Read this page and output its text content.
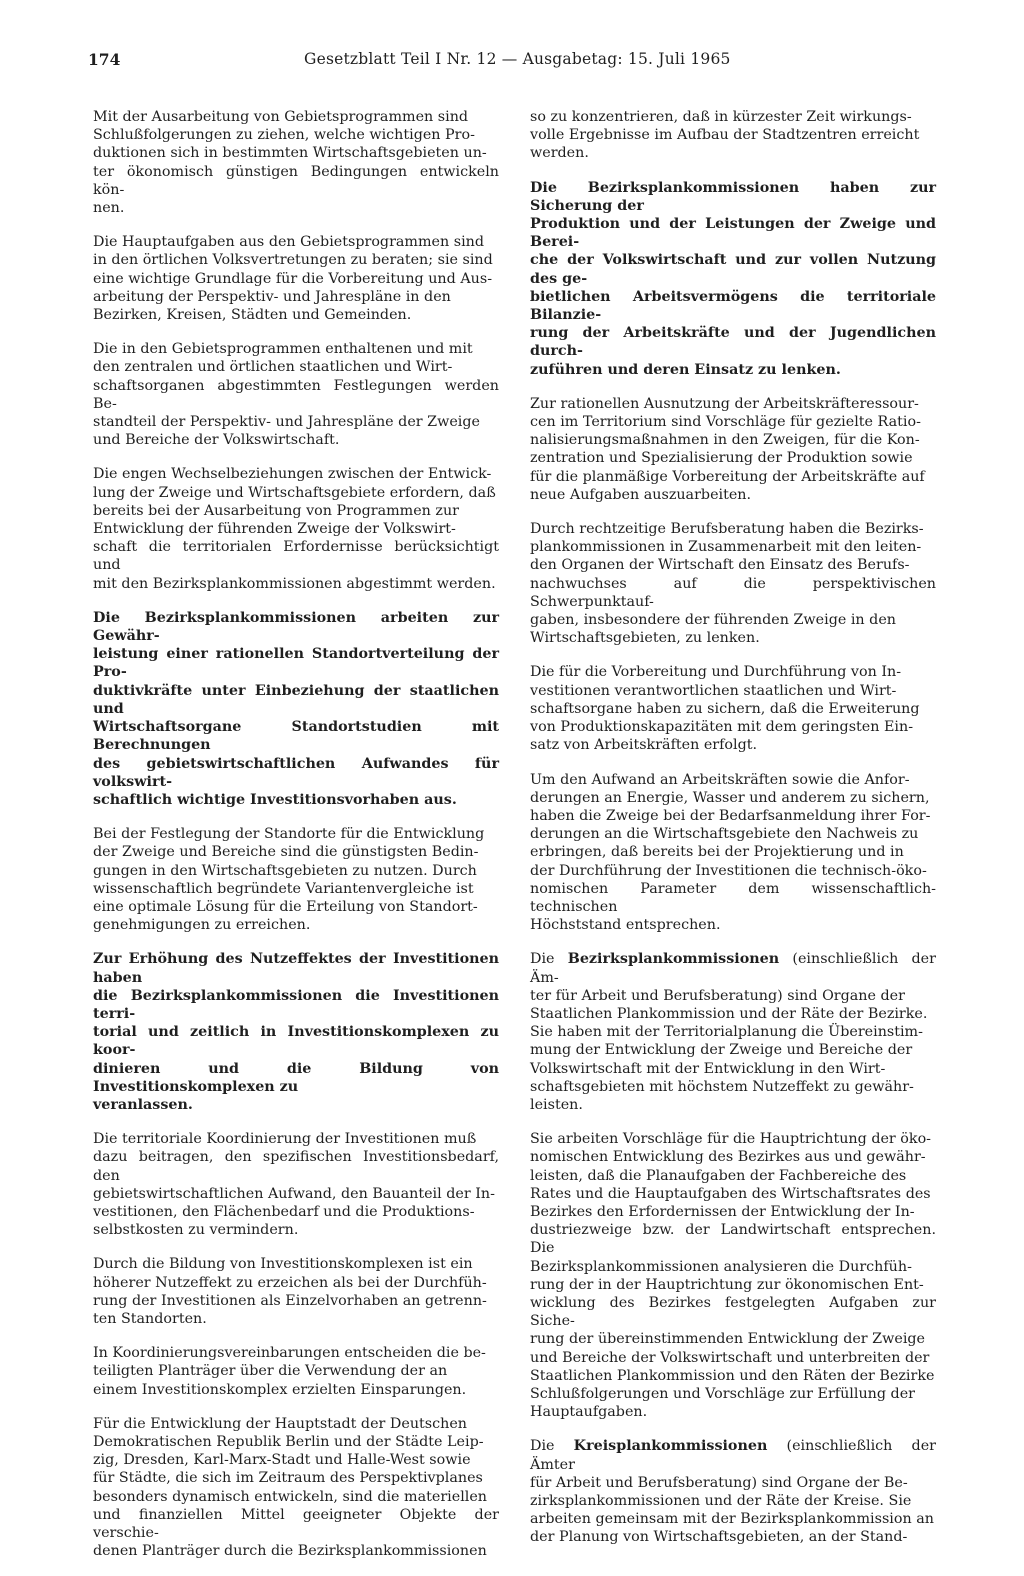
174	Gesetzblatt Teil I Nr. 12 — Ausgabetag: 15. Juli 1965

Mit der Ausarbeitung von Gebietsprogrammen sind
Schlußfolgerungen zu ziehen, welche wichtigen Pro-
duktionen sich in bestimmten Wirtschaftsgebieten un-
ter ökonomisch günstigen Bedingungen entwickeln kön-
nen.

Die Hauptaufgaben aus den Gebietsprogrammen sind
in den örtlichen Volksvertretungen zu beraten; sie sind
eine wichtige Grundlage für die Vorbereitung und Aus-
arbeitung der Perspektiv- und Jahrespläne in den
Bezirken, Kreisen, Städten und Gemeinden.

Die in den Gebietsprogrammen enthaltenen und mit
den zentralen und örtlichen staatlichen und Wirt-
schaftsorganen abgestimmten Festlegungen werden Be-
standteil der Perspektiv- und Jahrespläne der Zweige
und Bereiche der Volkswirtschaft.

Die engen Wechselbeziehungen zwischen der Entwick-
lung der Zweige und Wirtschaftsgebiete erfordern, daß
bereits bei der Ausarbeitung von Programmen zur
Entwicklung der führenden Zweige der Volkswirt-
schaft die territorialen Erfordernisse berücksichtigt und
mit den Bezirksplankommissionen abgestimmt werden.

Die Bezirksplankommissionen arbeiten zur Gewähr-
leistung einer rationellen Standortverteilung der Pro-
duktivkräfte unter Einbeziehung der staatlichen und
Wirtschaftsorgane Standortstudien mit Berechnungen
des gebietswirtschaftlichen Aufwandes für volkswirt-
schaftlich wichtige Investitionsvorhaben aus.

Bei der Festlegung der Standorte für die Entwicklung
der Zweige und Bereiche sind die günstigsten Bedin-
gungen in den Wirtschaftsgebieten zu nutzen. Durch
wissenschaftlich begründete Variantenvergleiche ist
eine optimale Lösung für die Erteilung von Standort-
genehmigungen zu erreichen.

Zur Erhöhung des Nutzeffektes der Investitionen haben
die Bezirksplankommissionen die Investitionen terri-
torial und zeitlich in Investitionskomplexen zu koor-
dinieren und die Bildung von Investitionskomplexen zu
veranlassen.

Die territoriale Koordinierung der Investitionen muß
dazu beitragen, den spezifischen Investitionsbedarf, den
gebietswirtschaftlichen Aufwand, den Bauanteil der In-
vestitionen, den Flächenbedarf und die Produktions-
selbstkosten zu vermindern.

Durch die Bildung von Investitionskomplexen ist ein
höherer Nutzeffekt zu erzeichen als bei der Durchfüh-
rung der Investitionen als Einzelvorhaben an getrenn-
ten Standorten.

In Koordinierungsvereinbarungen entscheiden die be-
teiligten Planträger über die Verwendung der an
einem Investitionskomplex erzielten Einsparungen.

Für die Entwicklung der Hauptstadt der Deutschen
Demokratischen Republik Berlin und der Städte Leip-
zig, Dresden, Karl-Marx-Stadt und Halle-West sowie
für Städte, die sich im Zeitraum des Perspektivplanes
besonders dynamisch entwickeln, sind die materiellen
und finanziellen Mittel geeigneter Objekte der verschie-
denen Planträger durch die Bezirksplankommissionen

so zu konzentrieren, daß in kürzester Zeit wirkungs-
volle Ergebnisse im Aufbau der Stadtzentren erreicht
werden.

Die Bezirksplankommissionen haben zur Sicherung der
Produktion und der Leistungen der Zweige und Berei-
che der Volkswirtschaft und zur vollen Nutzung des ge-
bietlichen Arbeitsvermögens die territoriale Bilanzie-
rung der Arbeitskräfte und der Jugendlichen durch-
zuführen und deren Einsatz zu lenken.

Zur rationellen Ausnutzung der Arbeitskräfteressour-
cen im Territorium sind Vorschläge für gezielte Ratio-
nalisierungsmaßnahmen in den Zweigen, für die Kon-
zentration und Spezialisierung der Produktion sowie
für die planmäßige Vorbereitung der Arbeitskräfte auf
neue Aufgaben auszuarbeiten.

Durch rechtzeitige Berufsberatung haben die Bezirks-
plankommissionen in Zusammenarbeit mit den leiten-
den Organen der Wirtschaft den Einsatz des Berufs-
nachwuchses auf die perspektivischen Schwerpunktauf-
gaben, insbesondere der führenden Zweige in den
Wirtschaftsgebieten, zu lenken.

Die für die Vorbereitung und Durchführung von In-
vestitionen verantwortlichen staatlichen und Wirt-
schaftsorgane haben zu sichern, daß die Erweiterung
von Produktionskapazitäten mit dem geringsten Ein-
satz von Arbeitskräften erfolgt.

Um den Aufwand an Arbeitskräften sowie die Anfor-
derungen an Energie, Wasser und anderem zu sichern,
haben die Zweige bei der Bedarfsanmeldung ihrer For-
derungen an die Wirtschaftsgebiete den Nachweis zu
erbringen, daß bereits bei der Projektierung und in
der Durchführung der Investitionen die technisch-öko-
nomischen Parameter dem wissenschaftlich-technischen
Höchststand entsprechen.

Die Bezirksplankommissionen (einschließlich der Äm-
ter für Arbeit und Berufsberatung) sind Organe der
Staatlichen Plankommission und der Räte der Bezirke.
Sie haben mit der Territorialplanung die Übereinstim-
mung der Entwicklung der Zweige und Bereiche der
Volkswirtschaft mit der Entwicklung in den Wirt-
schaftsgebieten mit höchstem Nutzeffekt zu gewähr-
leisten.

Sie arbeiten Vorschläge für die Hauptrichtung der öko-
nomischen Entwicklung des Bezirkes aus und gewähr-
leisten, daß die Planaufgaben der Fachbereiche des
Rates und die Hauptaufgaben des Wirtschaftsrates des
Bezirkes den Erfordernissen der Entwicklung der In-
dustriezweige bzw. der Landwirtschaft entsprechen. Die
Bezirksplankommissionen analysieren die Durchfüh-
rung der in der Hauptrichtung zur ökonomischen Ent-
wicklung des Bezirkes festgelegten Aufgaben zur Siche-
rung der übereinstimmenden Entwicklung der Zweige
und Bereiche der Volkswirtschaft und unterbreiten der
Staatlichen Plankommission und den Räten der Bezirke
Schlußfolgerungen und Vorschläge zur Erfüllung der
Hauptaufgaben.

Die Kreisplankommissionen (einschließlich der Ämter
für Arbeit und Berufsberatung) sind Organe der Be-
zirksplankommissionen und der Räte der Kreise. Sie
arbeiten gemeinsam mit der Bezirksplankommission an
der Planung von Wirtschaftsgebieten, an der Stand-
